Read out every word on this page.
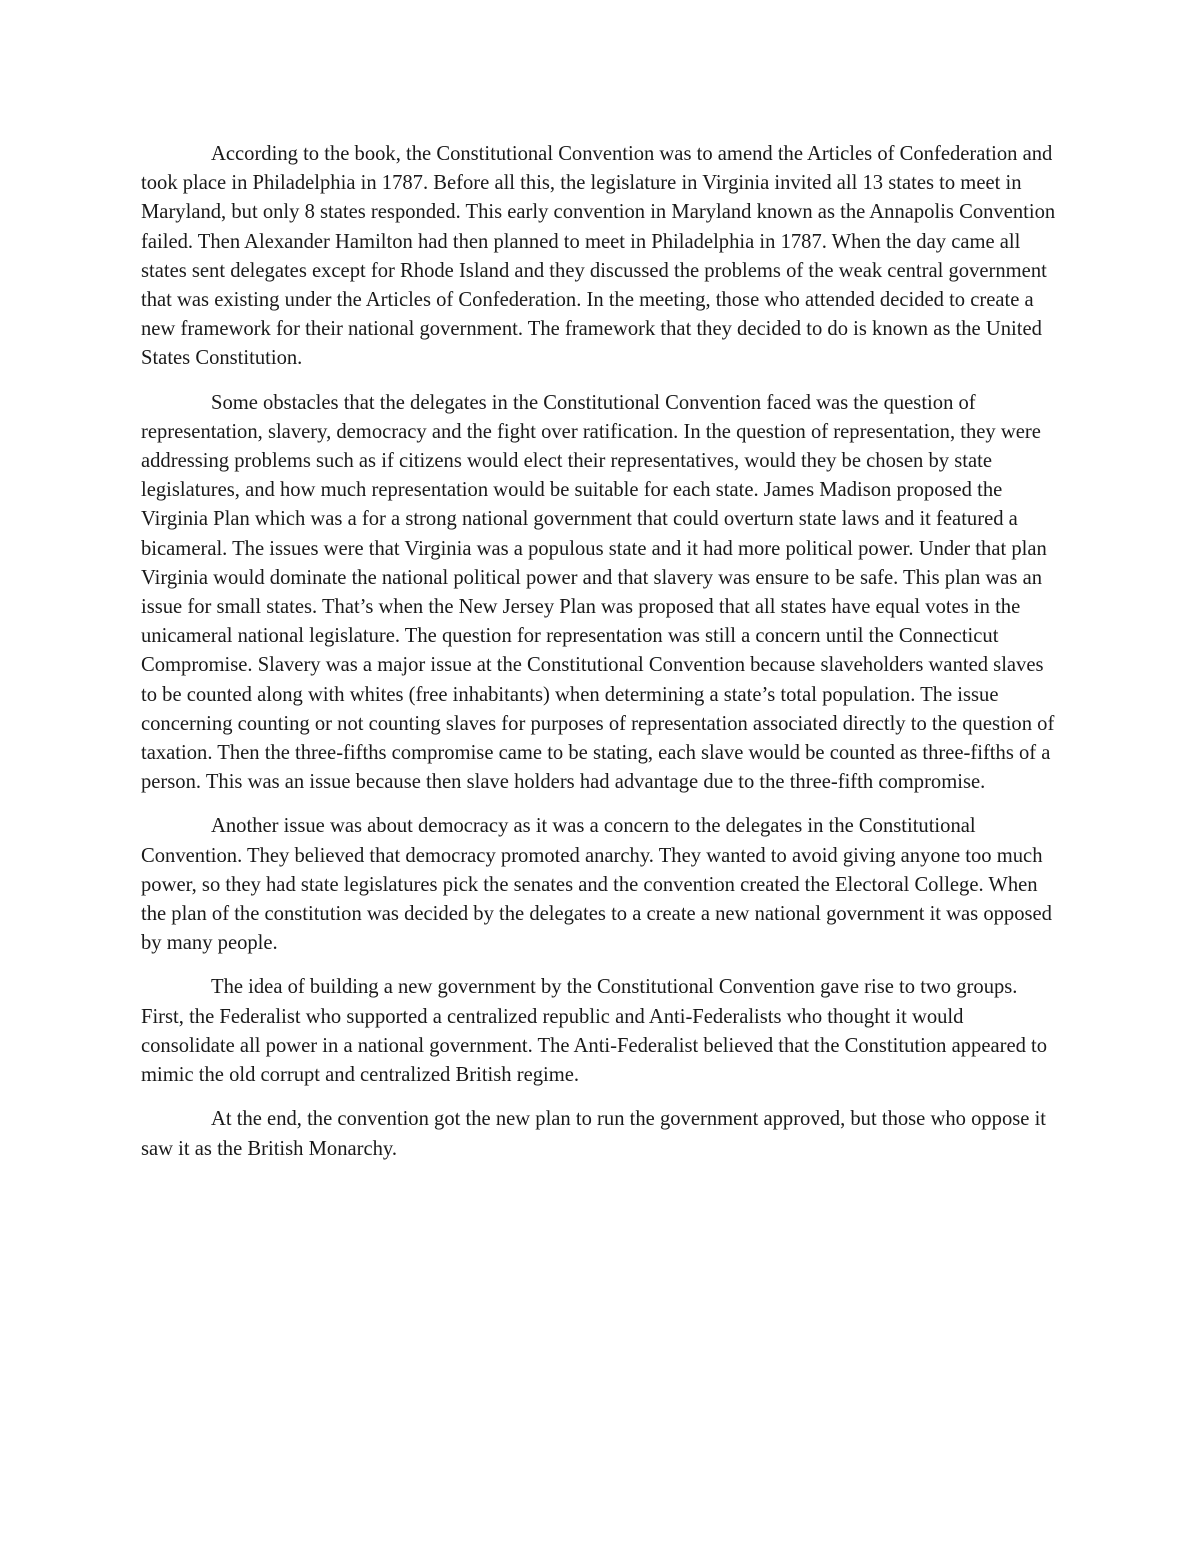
According to the book, the Constitutional Convention was to amend the Articles of Confederation and took place in Philadelphia in 1787. Before all this, the legislature in Virginia invited all 13 states to meet in Maryland, but only 8 states responded. This early convention in Maryland known as the Annapolis Convention failed. Then Alexander Hamilton had then planned to meet in Philadelphia in 1787. When the day came all states sent delegates except for Rhode Island and they discussed the problems of the weak central government that was existing under the Articles of Confederation. In the meeting, those who attended decided to create a new framework for their national government. The framework that they decided to do is known as the United States Constitution.

Some obstacles that the delegates in the Constitutional Convention faced was the question of representation, slavery, democracy and the fight over ratification. In the question of representation, they were addressing problems such as if citizens would elect their representatives, would they be chosen by state legislatures, and how much representation would be suitable for each state. James Madison proposed the Virginia Plan which was a for a strong national government that could overturn state laws and it featured a bicameral. The issues were that Virginia was a populous state and it had more political power. Under that plan Virginia would dominate the national political power and that slavery was ensure to be safe. This plan was an issue for small states. That’s when the New Jersey Plan was proposed that all states have equal votes in the unicameral national legislature. The question for representation was still a concern until the Connecticut Compromise. Slavery was a major issue at the Constitutional Convention because slaveholders wanted slaves to be counted along with whites (free inhabitants) when determining a state’s total population. The issue concerning counting or not counting slaves for purposes of representation associated directly to the question of taxation. Then the three-fifths compromise came to be stating, each slave would be counted as three-fifths of a person. This was an issue because then slave holders had advantage due to the three-fifth compromise.

Another issue was about democracy as it was a concern to the delegates in the Constitutional Convention. They believed that democracy promoted anarchy. They wanted to avoid giving anyone too much power, so they had state legislatures pick the senates and the convention created the Electoral College. When the plan of the constitution was decided by the delegates to a create a new national government it was opposed by many people.

The idea of building a new government by the Constitutional Convention gave rise to two groups. First, the Federalist who supported a centralized republic and Anti-Federalists who thought it would consolidate all power in a national government. The Anti-Federalist believed that the Constitution appeared to mimic the old corrupt and centralized British regime.

At the end, the convention got the new plan to run the government approved, but those who oppose it saw it as the British Monarchy.
